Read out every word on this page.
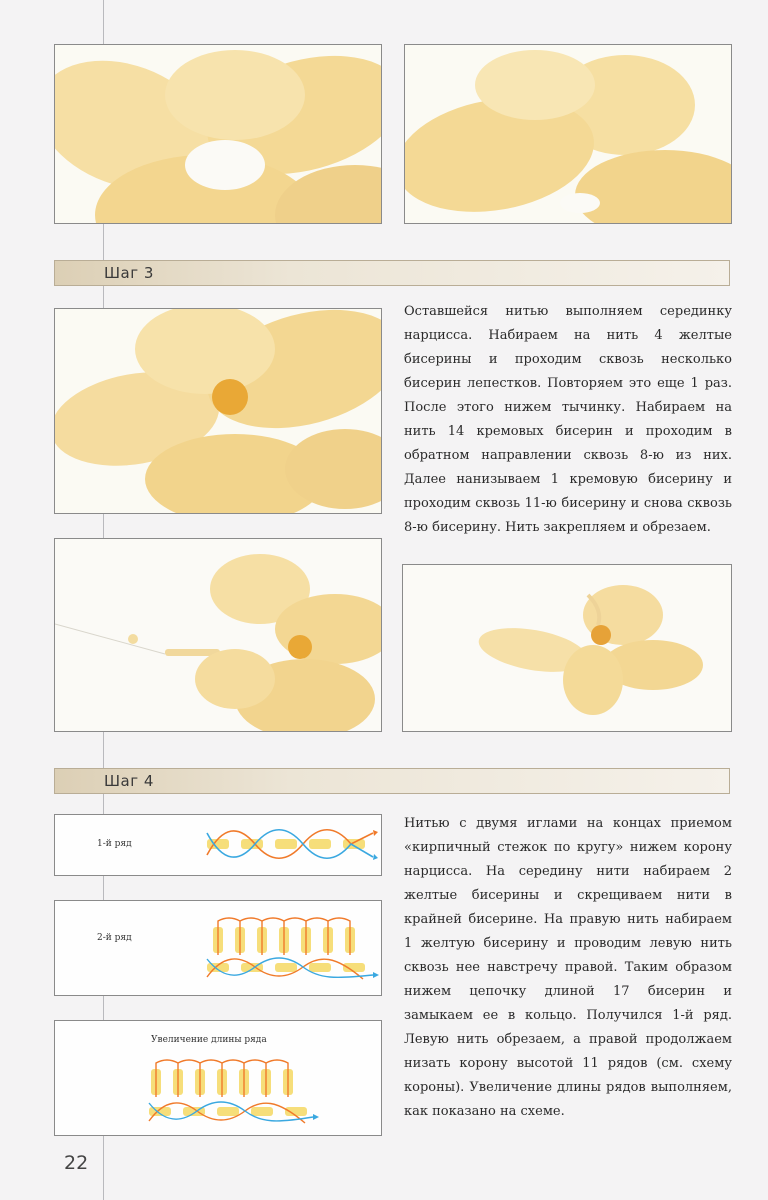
Шаг 3
Оставшейся нитью выполняем серединку нарцисса. Набираем на нить 4 желтые бисерины и проходим сквозь несколько бисерин лепестков. Повторяем это еще 1 раз. После этого нижем тычинку. Набираем на нить 14 кремовых бисерин и проходим в обратном направлении сквозь 8-ю из них. Далее нанизываем 1 кремовую бисерину и проходим сквозь 11-ю бисерину и снова сквозь 8-ю бисерину. Нить закрепляем и обрезаем.
Шаг 4
1-й ряд
2-й ряд
Увеличение длины ряда
Нитью с двумя иглами на концах приемом «кирпичный стежок по кругу» нижем корону нарцисса. На середину нити набираем 2 желтые бисерины и скрещиваем нити в крайней бисерине. На правую нить набираем 1 желтую бисерину и проводим левую нить сквозь нее навстречу правой. Таким образом нижем цепочку длиной 17 бисерин и замыкаем ее в кольцо. Получился 1-й ряд. Левую нить обрезаем, а правой продолжаем низать корону высотой 11 рядов (см. схему короны). Увеличение длины рядов выполняем, как показано на схеме.
22
